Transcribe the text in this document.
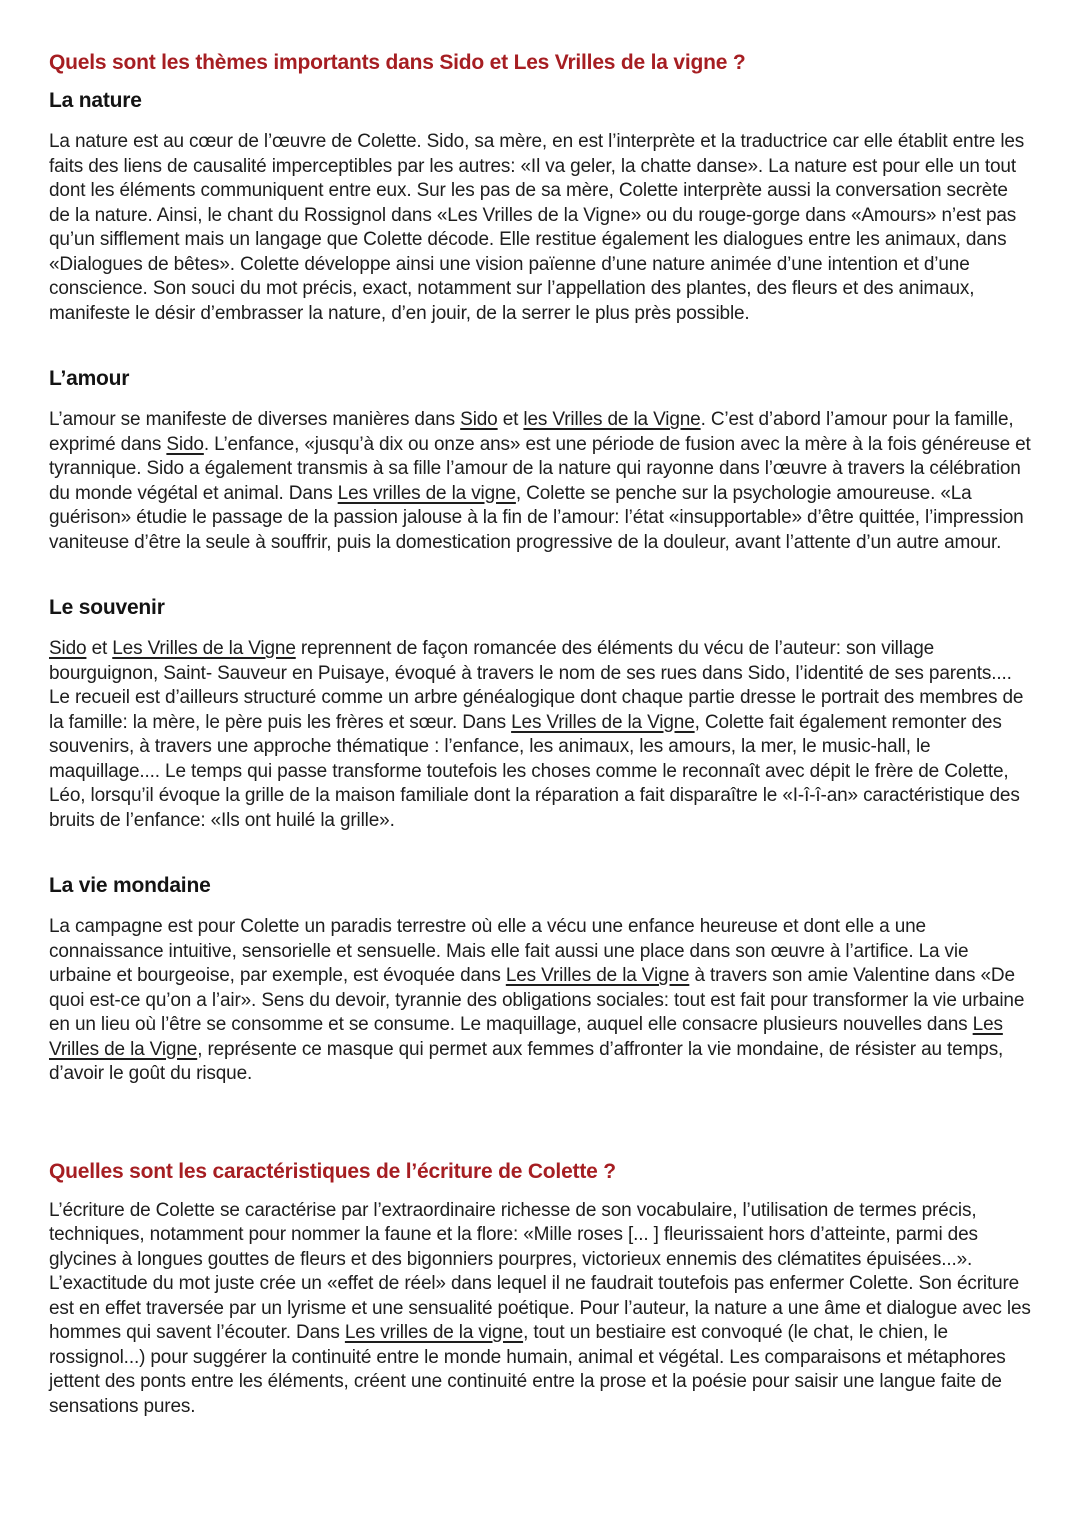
Quels sont les thèmes importants dans Sido et Les Vrilles de la vigne ?
La nature

La nature est au cœur de l’œuvre de Colette. Sido, sa mère, en est l’interprète et la traductrice car elle établit entre les faits des liens de causalité imperceptibles par les autres: «Il va geler, la chatte danse». La nature est pour elle un tout dont les éléments communiquent entre eux. Sur les pas de sa mère, Colette interprète aussi la conversation secrète de la nature. Ainsi, le chant du Rossignol dans «Les Vrilles de la Vigne» ou du rouge-gorge dans «Amours» n’est pas qu’un sifflement mais un langage que Colette décode. Elle restitue également les dialogues entre les animaux, dans «Dialogues de bêtes». Colette développe ainsi une vision païenne d’une nature animée d’une intention et d’une conscience. Son souci du mot précis, exact, notamment sur l’appellation des plantes, des fleurs et des animaux, manifeste le désir d’embrasser la nature, d’en jouir, de la serrer le plus près possible.

L’amour

L’amour se manifeste de diverses manières dans Sido et les Vrilles de la Vigne. C’est d’abord l’amour pour la famille, exprimé dans Sido. L’enfance, «jusqu’à dix ou onze ans» est une période de fusion avec la mère à la fois généreuse et tyrannique. Sido a également transmis à sa fille l’amour de la nature qui rayonne dans l’œuvre à travers la célébration du monde végétal et animal. Dans Les vrilles de la vigne, Colette se penche sur la psychologie amoureuse. «La guérison» étudie le passage de la passion jalouse à la fin de l’amour: l’état «insupportable» d’être quittée, l’impression vaniteuse d’être la seule à souffrir, puis la domestication progressive de la douleur, avant l’attente d’un autre amour.

Le souvenir

Sido et Les Vrilles de la Vigne reprennent de façon romancée des éléments du vécu de l’auteur: son village bourguignon, Saint- Sauveur en Puisaye, évoqué à travers le nom de ses rues dans Sido, l’identité de ses parents.... Le recueil est d’ailleurs structuré comme un arbre généalogique dont chaque partie dresse le portrait des membres de la famille: la mère, le père puis les frères et sœur. Dans Les Vrilles de la Vigne, Colette fait également remonter des souvenirs, à travers une approche thématique : l’enfance, les animaux, les amours, la mer, le music-hall, le maquillage.... Le temps qui passe transforme toutefois les choses comme le reconnaît avec dépit le frère de Colette, Léo, lorsqu’il évoque la grille de la maison familiale dont la réparation a fait disparaître le «I-î-î-an» caractéristique des bruits de l’enfance: «Ils ont huilé la grille».

La vie mondaine

La campagne est pour Colette un paradis terrestre où elle a vécu une enfance heureuse et dont elle a une connaissance intuitive, sensorielle et sensuelle. Mais elle fait aussi une place dans son œuvre à l’artifice. La vie urbaine et bourgeoise, par exemple, est évoquée dans Les Vrilles de la Vigne à travers son amie Valentine dans «De quoi est-ce qu’on a l’air». Sens du devoir, tyrannie des obligations sociales: tout est fait pour transformer la vie urbaine en un lieu où l’être se consomme et se consume. Le maquillage, auquel elle consacre plusieurs nouvelles dans Les Vrilles de la Vigne, représente ce masque qui permet aux femmes d’affronter la vie mondaine, de résister au temps, d’avoir le goût du risque.

Quelles sont les caractéristiques de l’écriture de Colette ?

L’écriture de Colette se caractérise par l’extraordinaire richesse de son vocabulaire, l’utilisation de termes précis, techniques, notamment pour nommer la faune et la flore: «Mille roses [... ] fleurissaient hors d’atteinte, parmi des glycines à longues gouttes de fleurs et des bigonniers pourpres, victorieux ennemis des clématites épuisées...». L’exactitude du mot juste crée un «effet de réel» dans lequel il ne faudrait toutefois pas enfermer Colette. Son écriture est en effet traversée par un lyrisme et une sensualité poétique. Pour l’auteur, la nature a une âme et dialogue avec les hommes qui savent l’écouter. Dans Les vrilles de la vigne, tout un bestiaire est convoqué (le chat, le chien, le rossignol...) pour suggérer la continuité entre le monde humain, animal et végétal. Les comparaisons et métaphores jettent des ponts entre les éléments, créent une continuité entre la prose et la poésie pour saisir une langue faite de sensations pures.
